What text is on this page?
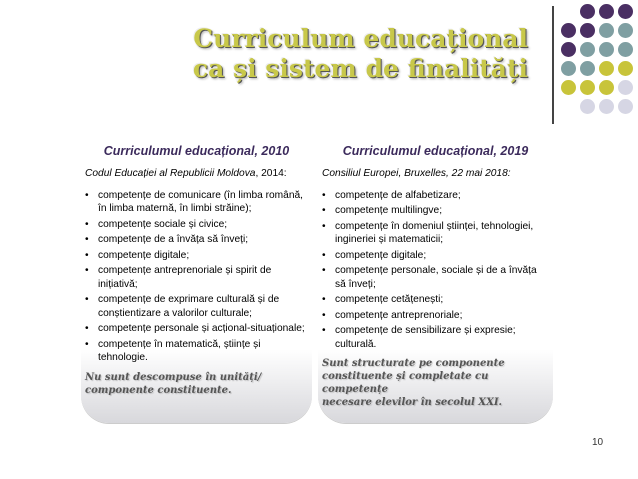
Curriculum educațional
ca și sistem de finalități
Curriculumul educațional, 2010	Curriculumul educațional, 2019
Codul Educației al Republicii Moldova, 2014:
• competențe de comunicare (în limba română, în limba maternă, în limbi străine);
• competențe sociale și civice;
• competențe de a învăța să înveți;
• competențe digitale;
• competențe antreprenoriale și spirit de inițiativă;
• competențe de exprimare culturală și de conștientizare a valorilor culturale;
• competențe personale și acțional-situaționale;
• competențe în matematică, științe și tehnologie.
Nu sunt descompuse în unități/
componente constituente.
Consiliul Europei, Bruxelles, 22 mai 2018:
• competențe de alfabetizare;
• competențe multilingve;
• competențe în domeniul științei, tehnologiei, ingineriei și matematicii;
• competențe digitale;
• competențe personale, sociale și de a învăța să înveți;
• competențe cetățenești;
• competențe antreprenoriale;
• competențe de sensibilizare și expresie; culturală.
Sunt structurate pe componente
constituente și completate cu competențe
necesare elevilor în secolul XXI.
10
